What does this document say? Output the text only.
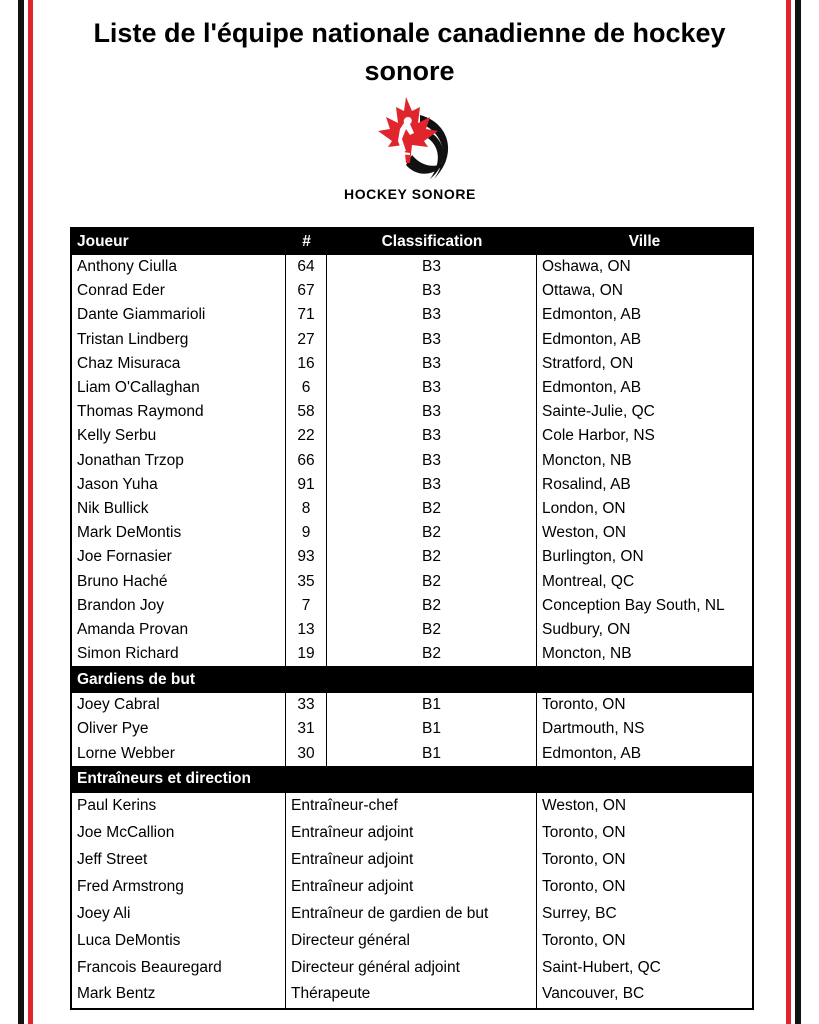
Liste de l'équipe nationale canadienne de hockey sonore
HOCKEY SONORE
Joueur	#	Classification	Ville
Anthony Ciulla	64	B3	Oshawa, ON
Conrad Eder	67	B3	Ottawa, ON
Dante Giammarioli	71	B3	Edmonton, AB
Tristan Lindberg	27	B3	Edmonton, AB
Chaz Misuraca	16	B3	Stratford, ON
Liam O'Callaghan	6	B3	Edmonton, AB
Thomas Raymond	58	B3	Sainte-Julie, QC
Kelly Serbu	22	B3	Cole Harbor, NS
Jonathan Trzop	66	B3	Moncton, NB
Jason Yuha	91	B3	Rosalind, AB
Nik Bullick	8	B2	London, ON
Mark DeMontis	9	B2	Weston, ON
Joe Fornasier	93	B2	Burlington, ON
Bruno Haché	35	B2	Montreal, QC
Brandon Joy	7	B2	Conception Bay South, NL
Amanda Provan	13	B2	Sudbury, ON
Simon Richard	19	B2	Moncton, NB
Gardiens de but
Joey Cabral	33	B1	Toronto, ON
Oliver Pye	31	B1	Dartmouth, NS
Lorne Webber	30	B1	Edmonton, AB
Entraîneurs et direction
Paul Kerins	Entraîneur-chef	Weston, ON
Joe McCallion	Entraîneur adjoint	Toronto, ON
Jeff Street	Entraîneur adjoint	Toronto, ON
Fred Armstrong	Entraîneur adjoint	Toronto, ON
Joey Ali	Entraîneur de gardien de but	Surrey, BC
Luca DeMontis	Directeur général	Toronto, ON
Francois Beauregard	Directeur général adjoint	Saint-Hubert, QC
Mark Bentz	Thérapeute	Vancouver, BC
